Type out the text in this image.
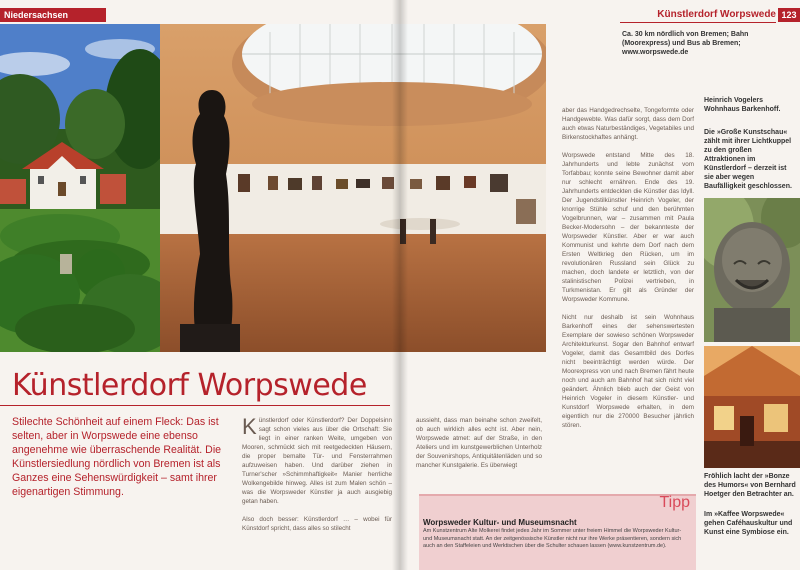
Ca. 30 km nördlich von Bremen; Bahn (Moorexpress) und Bus ab Bremen; www.worpswede.de
Heinrich Vogelers Wohnhaus Barkenhoff.
Die »Große Kunstschau« zählt mit ihrer Lichtkuppel zu den großen Attraktionen im Künstlerdorf – derzeit ist sie aber wegen Baufälligkeit geschlossen.
Fröhlich lacht der »Bonze des Humors« von Bernhard Hoetger den Betrachter an.
Im »Kaffee Worpswede« gehen Caféhauskultur und Kunst eine Symbiose ein.
Niedersachsen	Künstlerdorf Worpswede 123
Künstlerdorf Worpswede
Stilechte Schönheit auf einem Fleck: Das ist selten, aber in Worpswede eine ebenso angenehme wie überraschende Realität. Die Künstlersiedlung nördlich von Bremen ist als Ganzes eine Sehenswürdigkeit – samt ihrer eigenartigen Stimmung.

Künstlerdorf oder Künstlerdorf? Der Doppelsinn sagt schon vieles aus über die Ortschaft: Sie liegt in einer ranken Weite, umgeben von Mooren, schmückt sich mit reetgedeckten Häusern, die proper bemalte Tür- und Fensterrahmen aufzuweisen haben. Und darüber ziehen in Turner'scher »Schimmhaftigkeit« Manier herrliche Wolkengebilde hinweg. Alles ist zum Malen schön – was die Worpsweder Künstler ja auch ausgiebig getan haben.

Also doch besser: Künstlerdorf … – wobei für Künstdorf spricht, dass alles so stilecht

aussieht, dass man beinahe schon zweifelt, ob auch wirklich alles echt ist. Aber nein, Worpswede atmet: auf der Straße, in den Ateliers und im kunstgewerblichen Unterholz der Souvenirshops, Antiquitätenläden und so mancher Kunstgalerie. Es überwiegt

aber das Handgedrechselte, Tongeformte oder Handgewebte. Was dafür sorgt, dass dem Dorf auch etwas Naturbeständiges, Vegetabiles und Birkenstockhaftes anhängt.

Worpswede entstand Mitte des 18. Jahrhunderts und lebte zunächst vom Torfabbau; konnte seine Bewohner damit aber nur schlecht ernähren. Ende des 19. Jahrhunderts entdeckten die Künstler das Idyll. Der Jugendstilkünstler Heinrich Vogeler, der knorrige Stühle schuf und den berühmten Vogelbrunnen, war – zusammen mit Paula Becker-Modersohn – der bekannteste der Worpsweder Künstler. Aber er war auch Kommunist und kehrte dem Dorf nach dem Ersten Weltkrieg den Rücken, um im revolutionären Russland sein Glück zu machen, doch landete er letztlich, von der stalinistischen Polizei vertrieben, in Turkmenistan. Er gilt als Gründer der Worpsweder Kommune.

Nicht nur deshalb ist sein Wohnhaus Barkenhoff eines der sehenswertesten Exemplare der sowieso schönen Worpsweder Architekturkunst. Sogar den Bahnhof entwarf Vogeler, damit das Gesamtbild des Dorfes nicht beeinträchtigt werden würde. Der Moorexpress von und nach Bremen fährt heute noch und auch am Bahnhof hat sich nicht viel geändert. Ähnlich blieb auch der Geist von Heinrich Vogeler in diesem Künstler- und Kunstdorf Worpswede erhalten, in dem eigentlich nur die 270000 Besucher jährlich stören.

Tipp
Worpsweder Kultur- und Museumsnacht
Am Kunstzentrum Alte Molkerei findet jedes Jahr im Sommer unter freiem Himmel die Worpsweder Kultur- und Museumsnacht statt. An der zeitgenössische Künstler nicht nur ihre Werke präsentieren, sondern sich auch an den Staffeleien und Werktischen über die Schulter schauen lassen (www.kunstzentrum.de).
